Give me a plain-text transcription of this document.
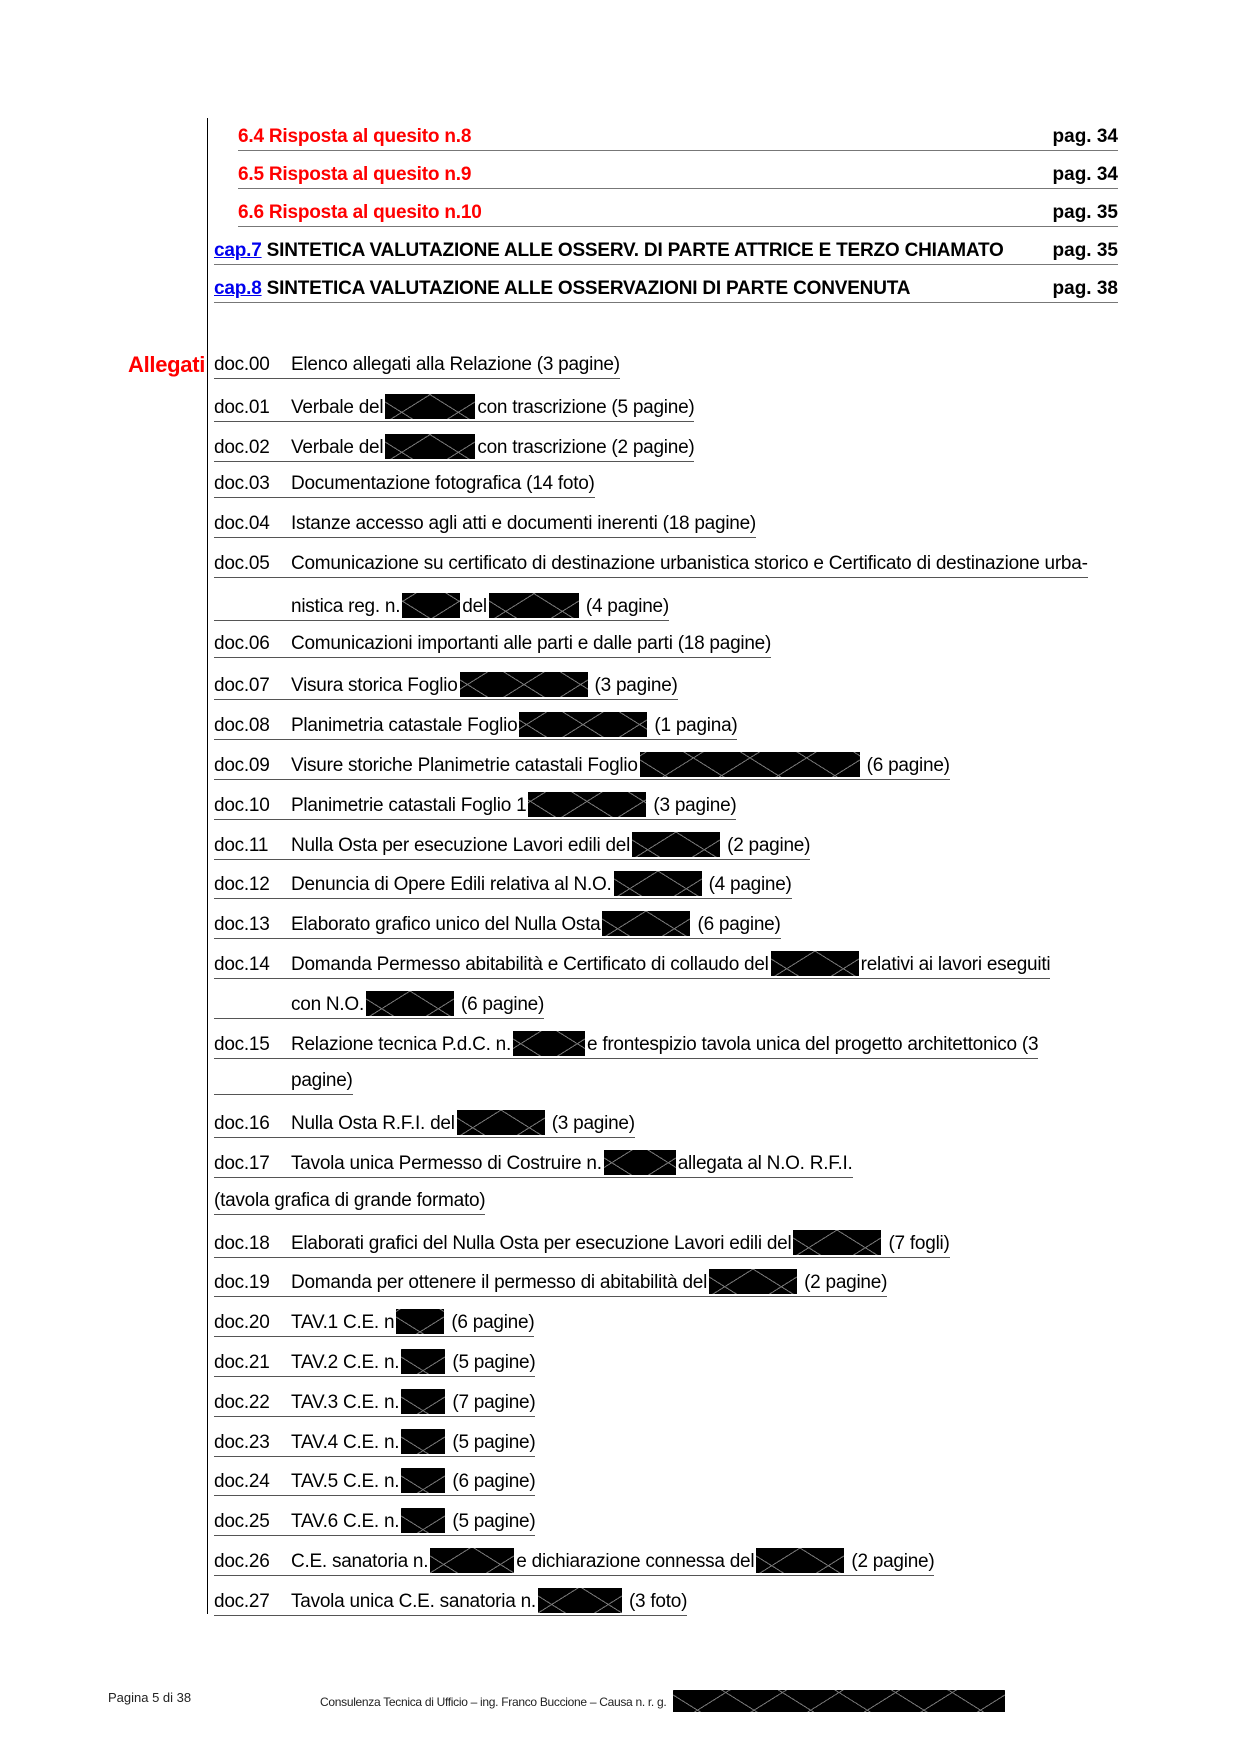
6.4 Risposta al quesito n.8	pag. 34
6.5 Risposta al quesito n.9	pag. 34
6.6 Risposta al quesito n.10	pag. 35
cap.7 SINTETICA VALUTAZIONE ALLE OSSERV. DI PARTE ATTRICE E TERZO CHIAMATO	pag. 35
cap.8 SINTETICA VALUTAZIONE ALLE OSSERVAZIONI DI PARTE CONVENUTA	pag. 38
Allegati doc.00 Elenco allegati alla Relazione (3 pagine)
doc.01 Verbale del	con trascrizione (5 pagine)
doc.02 Verbale del	con trascrizione (2 pagine)
doc.03 Documentazione fotografica (14 foto)
doc.04 Istanze accesso agli atti e documenti inerenti (18 pagine)
doc.05 Comunicazione su certificato di destinazione urbanistica storico e Certificato di destinazione urba-
nistica reg. n.	del	(4 pagine)
doc.06 Comunicazioni importanti alle parti e dalle parti (18 pagine)
doc.07 Visura storica Foglio	(3 pagine)
doc.08 Planimetria catastale Foglio	(1 pagina)
doc.09 Visure storiche Planimetrie catastali Foglio	(6 pagine)
doc.10 Planimetrie catastali Foglio 1	(3 pagine)
doc.11 Nulla Osta per esecuzione Lavori edili del	(2 pagine)
doc.12 Denuncia di Opere Edili relativa al N.O.	(4 pagine)
doc.13 Elaborato grafico unico del Nulla Osta	(6 pagine)
doc.14 Domanda Permesso abitabilità e Certificato di collaudo del	relativi ai lavori eseguiti
con N.O.	(6 pagine)
doc.15 Relazione tecnica P.d.C. n.	e frontespizio tavola unica del progetto architettonico (3
pagine)
doc.16 Nulla Osta R.F.I. del	(3 pagine)
doc.17 Tavola unica Permesso di Costruire n.	allegata al N.O. R.F.I.
(tavola grafica di grande formato)
doc.18 Elaborati grafici del Nulla Osta per esecuzione Lavori edili del	(7 fogli)
doc.19 Domanda per ottenere il permesso di abitabilità del	(2 pagine)
doc.20 TAV.1 C.E. n	(6 pagine)
doc.21 TAV.2 C.E. n.	(5 pagine)
doc.22 TAV.3 C.E. n.	(7 pagine)
doc.23 TAV.4 C.E. n.	(5 pagine)
doc.24 TAV.5 C.E. n.	(6 pagine)
doc.25 TAV.6 C.E. n.	(5 pagine)
doc.26 C.E. sanatoria n.	e dichiarazione connessa del	(2 pagine)
doc.27 Tavola unica C.E. sanatoria n.	(3 foto)
Pagina 5 di 38	Consulenza Tecnica di Ufficio – ing. Franco Buccione – Causa n. r. g.
